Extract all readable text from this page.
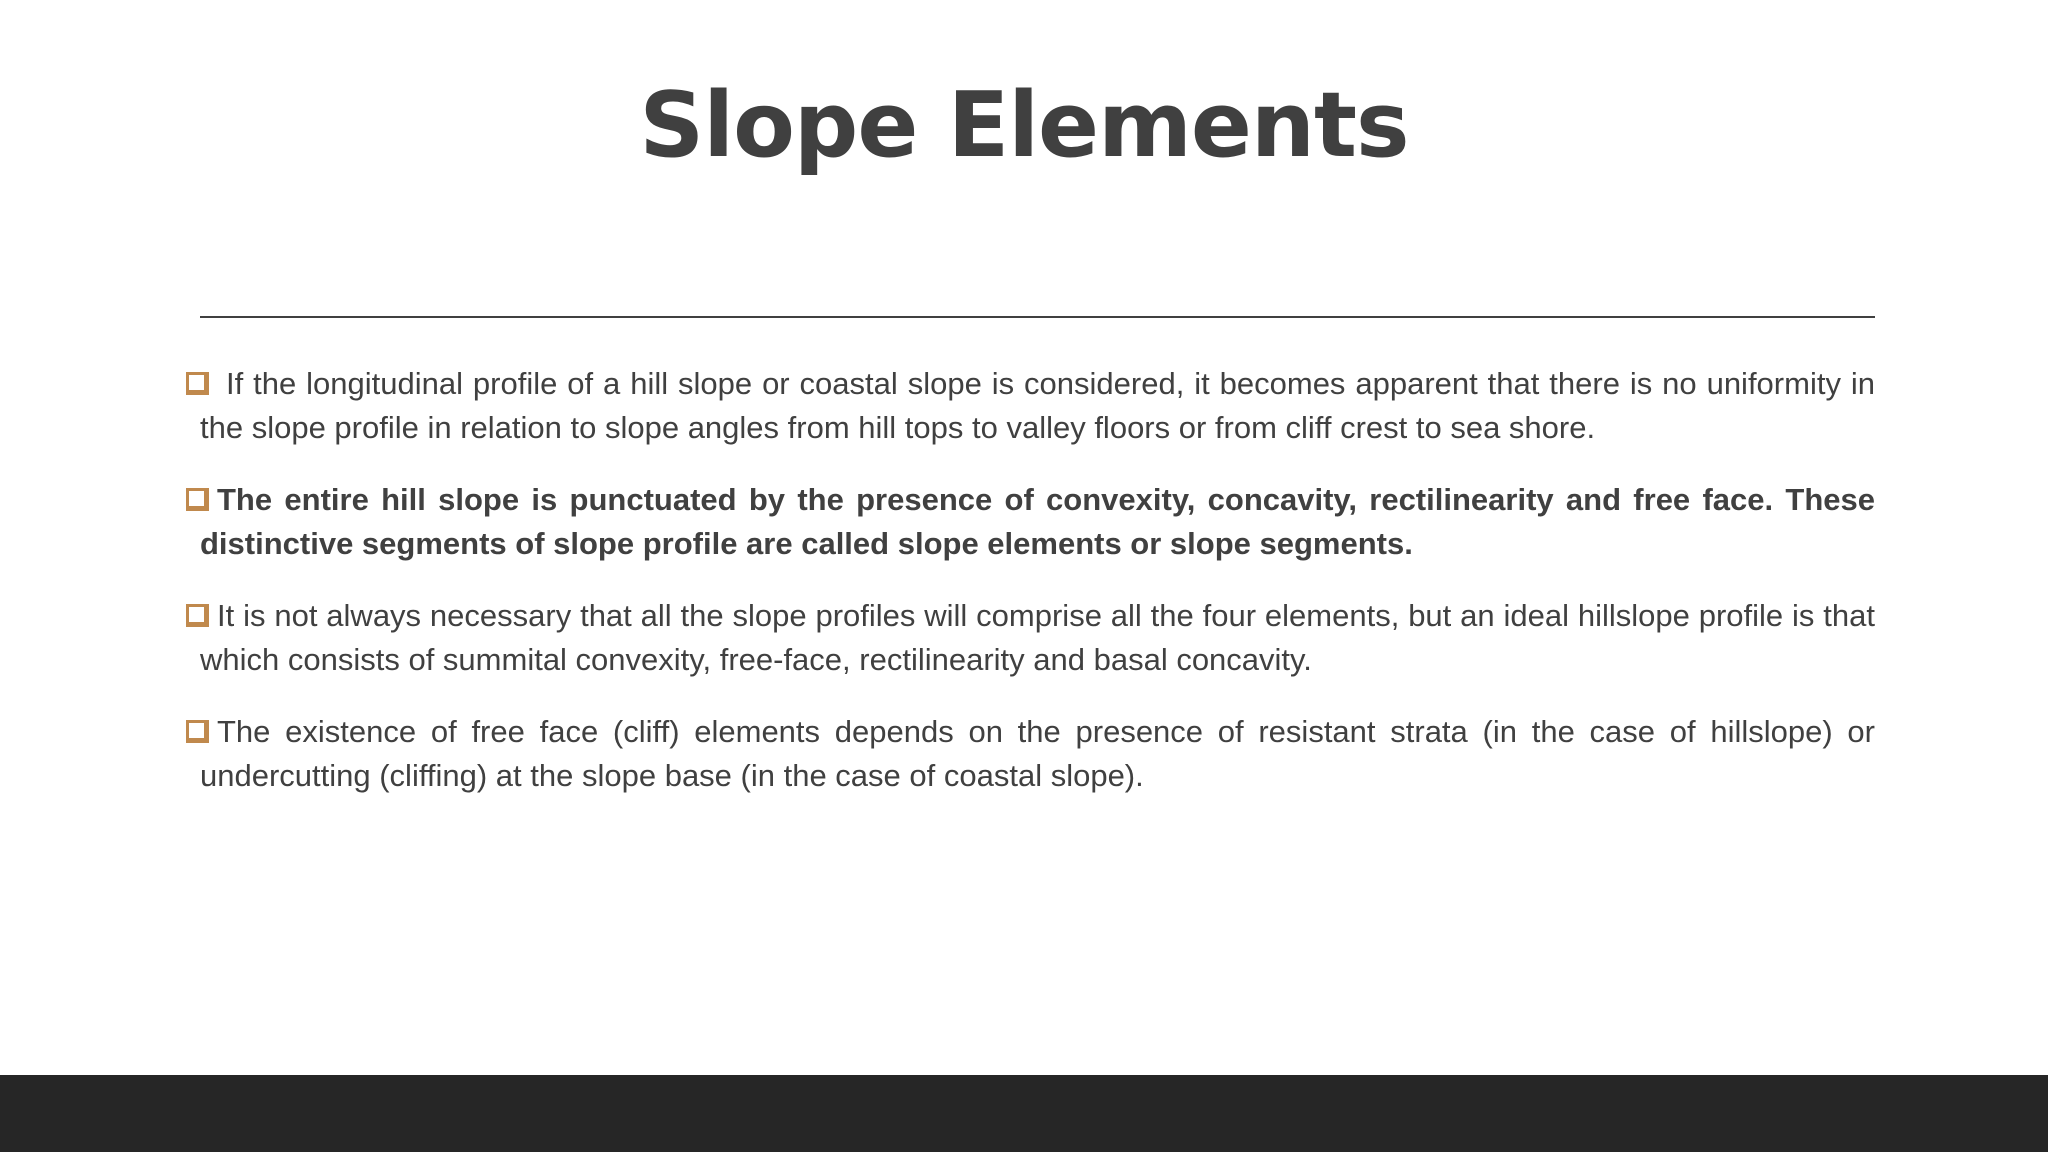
Slope Elements
If the longitudinal profile of a hill slope or coastal slope is considered, it becomes apparent that there is no uniformity in the slope profile in relation to slope angles from hill tops to valley floors or from cliff crest to sea shore.
The entire hill slope is punctuated by the presence of convexity, concavity, rectilinearity and free face. These distinctive segments of slope profile are called slope elements or slope segments.
It is not always necessary that all the slope profiles will comprise all the four elements, but an ideal hillslope profile is that which consists of summital convexity, free-face, rectilinearity and basal concavity.
The existence of free face (cliff) elements depends on the presence of resistant strata (in the case of hillslope) or undercutting (cliffing) at the slope base (in the case of coastal slope).
